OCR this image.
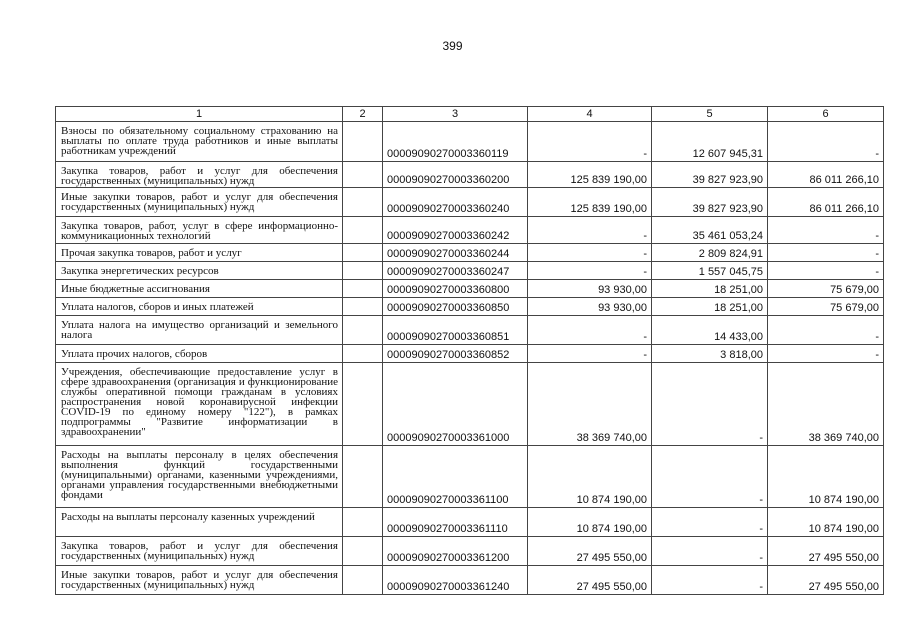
399
1	2	3	4	5	6
Взносы по обязательному социальному страхованию на выплаты по оплате труда работников и иные выплаты работникам учреждений		00009090270003360119	-	12 607 945,31	-
Закупка товаров, работ и услуг для обеспечения государственных (муниципальных) нужд		00009090270003360200	125 839 190,00	39 827 923,90	86 011 266,10
Иные закупки товаров, работ и услуг для обеспечения государственных (муниципальных) нужд		00009090270003360240	125 839 190,00	39 827 923,90	86 011 266,10
Закупка товаров, работ, услуг в сфере информационно-коммуникационных технологий		00009090270003360242	-	35 461 053,24	-
Прочая закупка товаров, работ и услуг		00009090270003360244	-	2 809 824,91	-
Закупка энергетических ресурсов		00009090270003360247	-	1 557 045,75	-
Иные бюджетные ассигнования		00009090270003360800	93 930,00	18 251,00	75 679,00
Уплата налогов, сборов и иных платежей		00009090270003360850	93 930,00	18 251,00	75 679,00
Уплата налога на имущество организаций и земельного налога		00009090270003360851	-	14 433,00	-
Уплата прочих налогов, сборов		00009090270003360852	-	3 818,00	-
Учреждения, обеспечивающие предоставление услуг в сфере здравоохранения (организация и функционирование службы оперативной помощи гражданам в условиях распространения новой коронавирусной инфекции COVID-19 по единому номеру "122"), в рамках подпрограммы "Развитие информатизации в здравоохранении"		00009090270003361000	38 369 740,00	-	38 369 740,00
Расходы на выплаты персоналу в целях обеспечения выполнения функций государственными (муниципальными) органами, казенными учреждениями, органами управления государственными внебюджетными фондами		00009090270003361100	10 874 190,00	-	10 874 190,00
Расходы на выплаты персоналу казенных учреждений		00009090270003361110	10 874 190,00	-	10 874 190,00
Закупка товаров, работ и услуг для обеспечения государственных (муниципальных) нужд		00009090270003361200	27 495 550,00	-	27 495 550,00
Иные закупки товаров, работ и услуг для обеспечения государственных (муниципальных) нужд		00009090270003361240	27 495 550,00	-	27 495 550,00
